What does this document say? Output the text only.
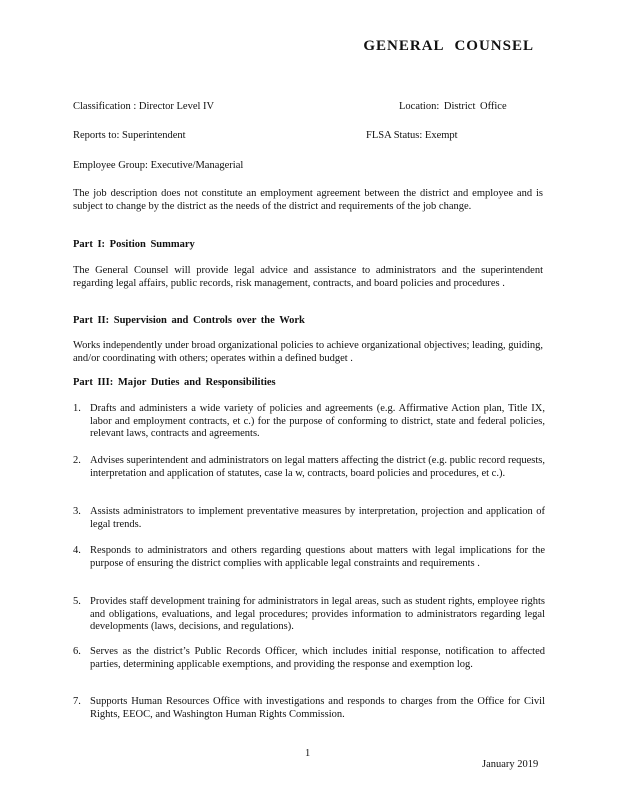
GENERAL COUNSEL
Classification : Director Level IV	Location: District Office
Reports to: Superintendent	FLSA Status: Exempt
Employee Group: Executive/Managerial
The job description does not constitute an employment agreement between the district and employee and is subject to change by the district as the needs of the district and requirements of the job change.
Part I: Position Summary
The General Counsel will provide legal advice and assistance to administrators and the superintendent regarding legal affairs, public records, risk management, contracts, and board policies and procedures .
Part II: Supervision and Controls over the Work
Works independently under broad organizational policies to achieve organizational objectives; leading, guiding, and/or coordinating with others; operates within a defined budget .
Part III: Major Duties and Responsibilities
1. Drafts and administers a wide variety of policies and agreements (e.g. Affirmative Action plan, Title IX, labor and employment contracts, et c.) for the purpose of conforming to district, state and federal policies, relevant laws, contracts and agreements.
2. Advises superintendent and administrators on legal matters affecting the district (e.g. public record requests, interpretation and application of statutes, case la w, contracts, board policies and procedures, et c.).
3. Assists administrators to implement preventative measures by interpretation, projection and application of legal trends.
4. Responds to administrators and others regarding questions about matters with legal implications for the purpose of ensuring the district complies with applicable legal constraints and requirements .
5. Provides staff development training for administrators in legal areas, such as student rights, employee rights and obligations, evaluations, and legal procedures; provides information to administrators regarding legal developments (laws, decisions, and regulations).
6. Serves as the district’s Public Records Officer, which includes initial response, notification to affected parties, determining applicable exemptions, and providing the response and exemption log.
7. Supports Human Resources Office with investigations and responds to charges from the Office for Civil Rights, EEOC, and Washington Human Rights Commission.
1
January 2019
